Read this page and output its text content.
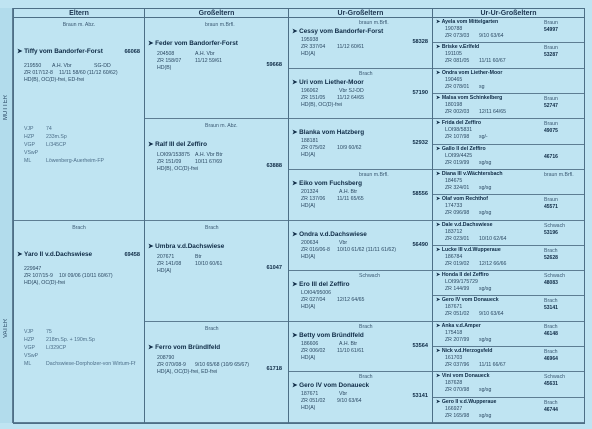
MUTTER
VATER
Eltern	Großeltern	Ur-Großeltern	Ur-Ur-Großeltern
Braun m. Abz.
➤ Tiffy vom Bandorfer-Forst	66068
219550 A.H. Vbr	SG-DD
ZR 017/12-8 11/11 58/60 (11/12 60/62)
HD(B), OC(D)-frei, ED-frei
VJP 74
HZP 233m.Sp
VGP L/345CP
VSwP
ML	Löwenberg-Auerheim-FP
Brach
➤ Yaro II v.d.Dachswiese	69458
229947
ZR 107/15-9 10/ 09/06 (10/11 60/67)
HD(A), OC(D)-frei
VJP 75
HZP 218m.Sp. + 190m.Sp
VGP L/329CP
VSwP
ML	Dachswiese-Dorpholzer-von Wirtum-Ff
braun m.Brfl.
➤ Feder vom Bandorfer-Forst
59668
204508	A.H. Vbr
ZR 158/07	11/12 59/61
HD(B)
Braun m. Abz.
➤ Ralf III del Zeffiro
63888
LOI09/153875 A.H. Vbr Btr
ZR 151/09	10/11 67/69
HD(B), OC(D)-frei
Brach
➤ Umbra v.d.Dachswiese
61047
207671	Btr
ZR 141/08	10/10 60/61
HD(A)
Brach
➤ Ferro vom Bründlfeld
61718
208790
ZR 070/08-9 9/10 65/68 (10/9 65/67)
HD(A), OC(D)-frei, ED-frei
braun m.Brfl.
➤ Cessy vom Bandorfer-Forst
58328
195938
ZR 337/04 11/12 60/61
HD(A)
Brach
➤ Uri vom Liether-Moor
57190
196062	Vbr SJ-DD
ZR 151/05 11/12 64/65
HD(B), OC(D)-frei
➤ Blanka vom Hatzberg
52932
188181
ZR 075/02 10/9 60/62
HD(A)
braun m.Brfl.
➤ Eiko vom Fuchsberg
58556
201324	A.H. Btr
ZR 137/06 11/11 65/65
HD(A)
➤ Ondra v.d.Dachswiese
56490
200634	Vbr
ZR 016/06-8 10/10 61/62 (11/11 61/62)
HD(A)
Schwach
➤ Ero III del Zeffiro
LOI04/95006
ZR 027/04 12/12 64/65
HD(A)
Brach
➤ Betty vom Bründlfeld
53564
186606	A.H. Btr
ZR 006/02 11/10 61/61
HD(A)
Brach
➤ Gero IV vom Donaueck
53141
187671	Vbr
ZR 051/02 9/10 63/64
HD(A)
➤ Ayela vom Mittelgarten
190788
ZR 073/03 9/10 63/64
Braun
54997
➤ Briske v.Erlfeld
191105
ZR 081/05 11/11 60/67
Braun
53287
➤ Ondra vom Liether-Moor
190465
ZR 078/01 sg
➤ Malsa vom Schinkelberg
180198
ZR 002/03 12/11 64/65
Braun
52747
➤ Frida del Zeffiro
LOI98/5831
ZR 107/98 sg/-
Braun
49075
➤ Gallo II del Zeffiro
LOI99/4425
ZR 019/99 sg/sg
46716
➤ Diana III v.Wächtersbach
184675
ZR 324/01 sg/sg
braun m.Brfl.
➤ Olaf vom Rechthof
174733
ZR 096/98 sg/sg
Braun
45571
➤ Dale v.d.Dachswiese
183712
ZR 023/01 10/10 62/64
Schwach
53196
➤ Lucke III v.d.Wupperaue
186784
ZR 019/02 12/12 66/66
Brach
52628
➤ Honda II del Zeffiro
LOI99/175729
ZR 144/99 sg/sg
Schwach
48083
➤ Gero IV vom Donaueck
187671
ZR 051/02 9/10 63/64
Brach
53141
➤ Anka v.d.Amper
175418
ZR 207/99 sg/sg
Brach
46148
➤ Nick v.d.Herzogsfeld
161703
ZR 037/96 11/11 66/67
Brach
46964
➤ Vini vom Donaueck
187628
ZR 070/98 sg/sg
Schwach
45631
➤ Gero II v.d.Wupperaue
166927
ZR 165/98 sg/sg
Brach
46744
